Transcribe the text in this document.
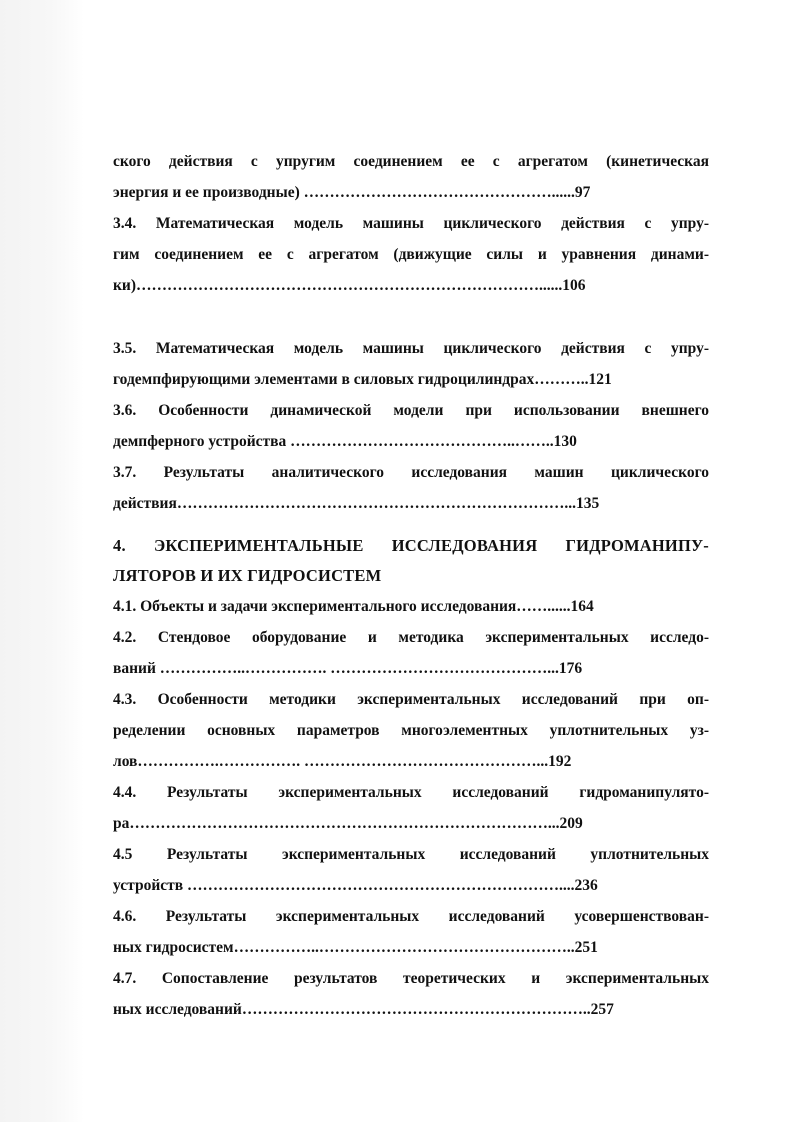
ского действия с упругим соединением ее с агрегатом (кинетическая
энергия и ее производные) …………………………………………......97
3.4. Математическая модель машины циклического действия с упру-
гим соединением ее с агрегатом (движущие силы и уравнения динами-
ки)……………………………………………………………………......106
3.5. Математическая модель машины циклического действия с упру-
годемпфирующими элементами в силовых гидроцилиндрах………..121
3.6. Особенности динамической модели при использовании внешнего
демпферного устройства ……………………………………..……..130
3.7. Результаты аналитического исследования машин циклического
действия…………………………………………………………………...135
4. ЭКСПЕРИМЕНТАЛЬНЫЕ ИССЛЕДОВАНИЯ ГИДРОМАНИПУ-
ЛЯТОРОВ И ИХ ГИДРОСИСТЕМ
4.1. Объекты и задачи экспериментального исследования……......164
4.2. Стендовое оборудование и методика экспериментальных исследо-
ваний ……………..……………. ……………………………………...176
4.3. Особенности методики экспериментальных исследований при оп-
ределении основных параметров многоэлементных уплотнительных уз-
лов…………….……………. ………………………………………...192
4.4. Результаты экспериментальных исследований гидроманипулято-
ра………………………………………………………………………...209
4.5 Результаты экспериментальных исследований уплотнительных
устройств ………………………………………………………………....236
4.6. Результаты экспериментальных исследований усовершенствован-
ных гидросистем……………..…………………………………………..251
4.7. Сопоставление результатов теоретических и экспериментальных
ных исследований…………………………………………………………..257
